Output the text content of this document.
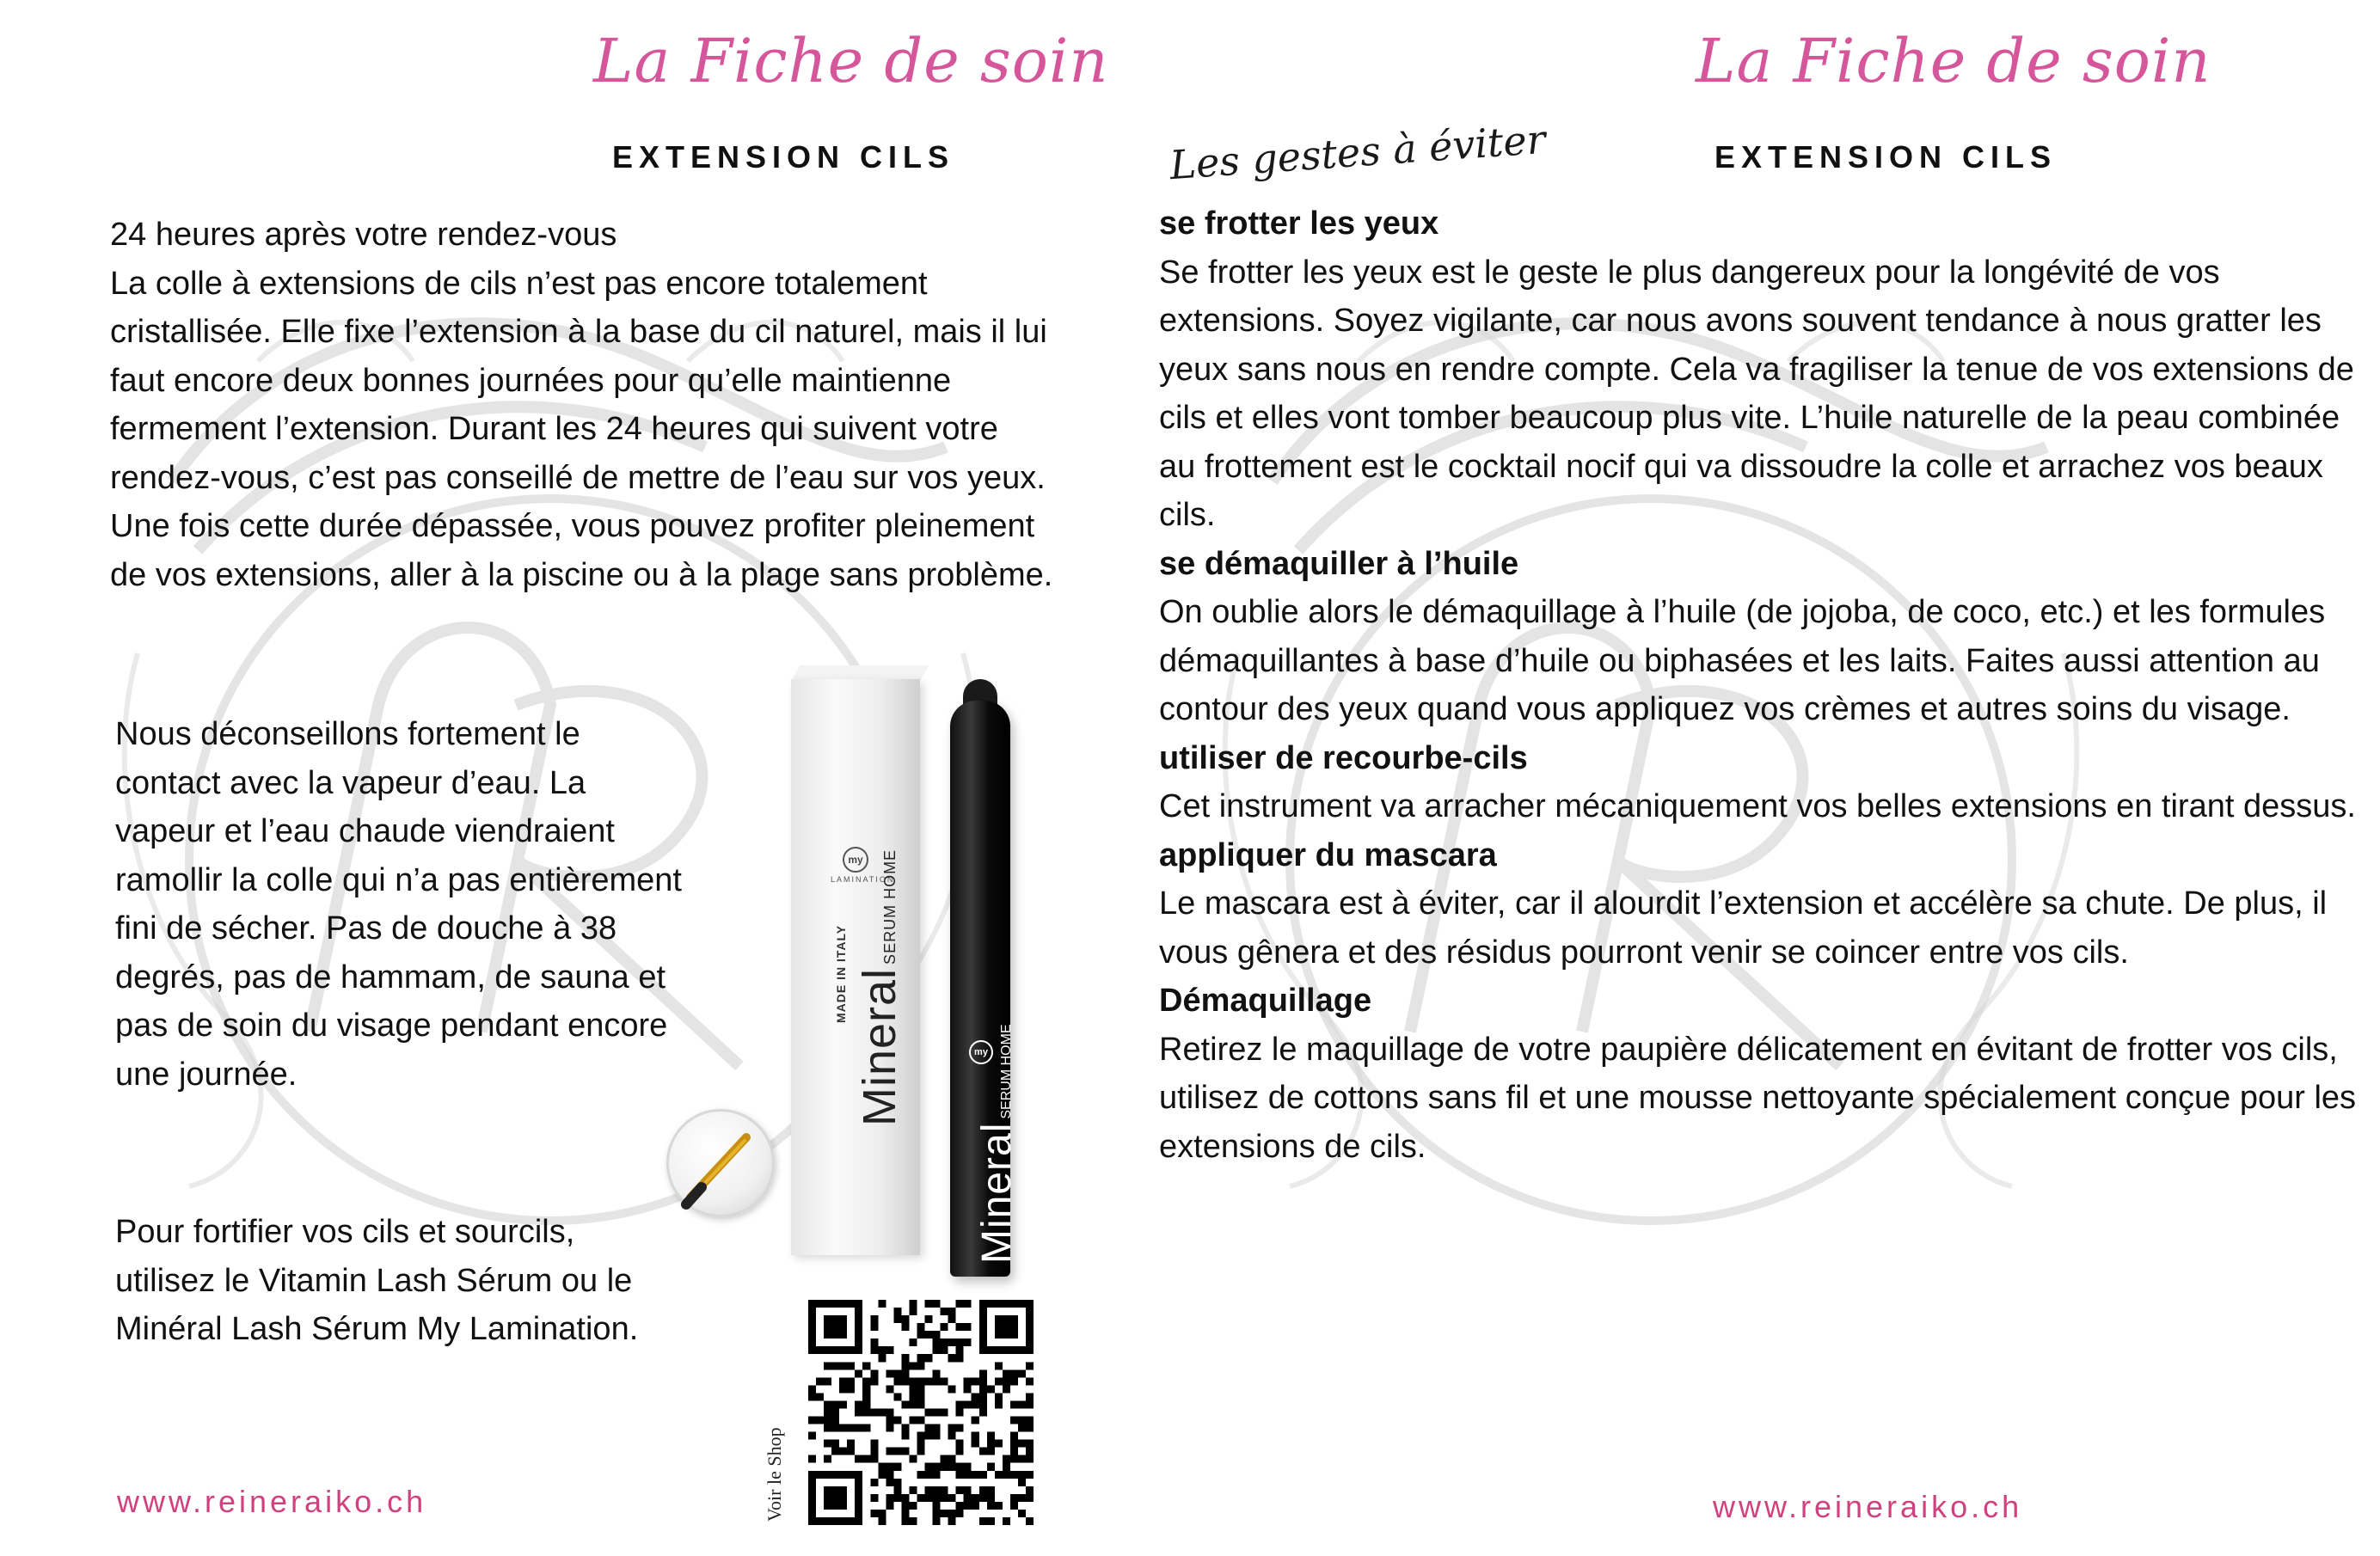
La Fiche de soin
EXTENSION CILS

24 heures après votre rendez-vous

La colle à extensions de cils n’est pas encore totalement cristallisée. Elle fixe l’extension à la base du cil naturel, mais il lui faut encore deux bonnes journées pour qu’elle maintienne fermement l’extension. Durant les 24 heures qui suivent votre rendez-vous, c’est pas conseillé de mettre de l’eau sur vos yeux. Une fois cette durée dépassée, vous pouvez profiter pleinement de vos extensions, aller à la piscine ou à la plage sans problème.

Nous déconseillons fortement le contact avec la vapeur d’eau. La vapeur et l’eau chaude viendraient ramollir la colle qui n’a pas entièrement fini de sécher. Pas de douche à 38 degrés, pas de hammam, de sauna et pas de soin du visage pendant encore une journée.

Pour fortifier vos cils et sourcils, utilisez le Vitamin Lash Sérum ou le Minéral Lash Sérum My Lamination.

my
LAMINATION
MADE IN ITALY MineralSERUM HOME
my
MineralSERUM HOME
Voir le Shop
www.reineraiko.ch
La Fiche de soin
EXTENSION CILS
Les gestes à éviter

se frotter les yeux

Se frotter les yeux est le geste le plus dangereux pour la longévité de vos extensions. Soyez vigilante, car nous avons souvent tendance à nous gratter les yeux sans nous en rendre compte. Cela va fragiliser la tenue de vos extensions de cils et elles vont tomber beaucoup plus vite. L’huile naturelle de la peau combinée au frottement est le cocktail nocif qui va dissoudre la colle et arrachez vos beaux cils.

se démaquiller à l’huile

On oublie alors le démaquillage à l’huile (de jojoba, de coco, etc.) et les formules démaquillantes à base d’huile ou biphasées et les laits. Faites aussi attention au contour des yeux quand vous appliquez vos crèmes et autres soins du visage.

utiliser de recourbe-cils

Cet instrument va arracher mécaniquement vos belles extensions en tirant dessus.

appliquer du mascara

Le mascara est à éviter, car il alourdit l’extension et accélère sa chute. De plus, il vous gênera et des résidus pourront venir se coincer entre vos cils.

Démaquillage

Retirez le maquillage de votre paupière délicatement en évitant de frotter vos cils, utilisez de cottons sans fil et une mousse nettoyante spécialement conçue pour les extensions de cils.

www.reineraiko.ch
